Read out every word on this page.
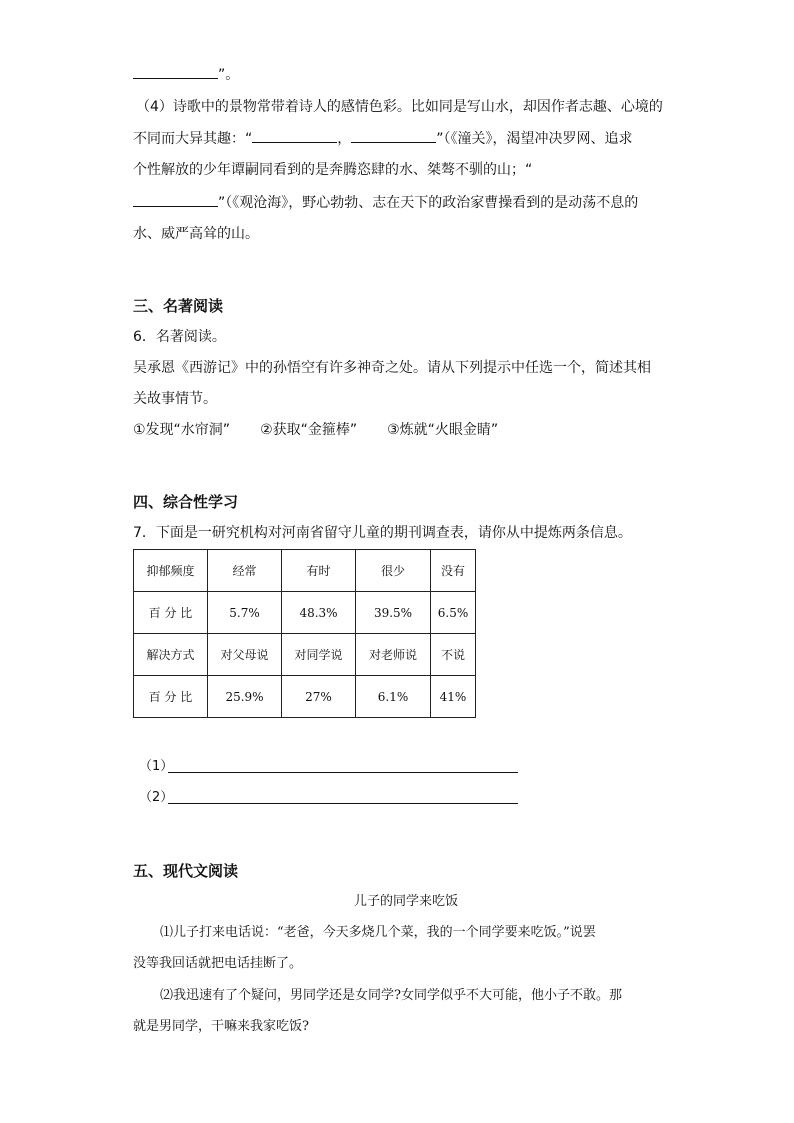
”。
（4）诗歌中的景物常带着诗人的感情色彩。比如同是写山水，却因作者志趣、心境的
不同而大异其趣：“	，	”（《潼关》，渴望冲决罗网、追求
个性解放的少年谭嗣同看到的是奔腾恣肆的水、桀骜不驯的山；“
”（《观沧海》，野心勃勃、志在天下的政治家曹操看到的是动荡不息的
水、威严高耸的山。
三、名著阅读
6．名著阅读。
吴承恩《西游记》中的孙悟空有许多神奇之处。请从下列提示中任选一个，简述其相
关故事情节。
①发现“水帘洞” ②获取“金箍棒” ③炼就“火眼金睛”
四、综合性学习
7．下面是一研究机构对河南省留守儿童的期刊调查表，请你从中提炼两条信息。
抑郁频度	经常	有时	很少	没有
百 分 比	5.7%	48.3%	39.5%	6.5%
解决方式	对父母说	对同学说	对老师说	不说
百 分 比	25.9%	27%	6.1%	41%
（1）
（2）
五、现代文阅读
儿子的同学来吃饭
⑴儿子打来电话说：“老爸，今天多烧几个菜，我的一个同学要来吃饭。”说罢
没等我回话就把电话挂断了。
⑵我迅速有了个疑问，男同学还是女同学?女同学似乎不大可能，他小子不敢。那
就是男同学，干嘛来我家吃饭?
